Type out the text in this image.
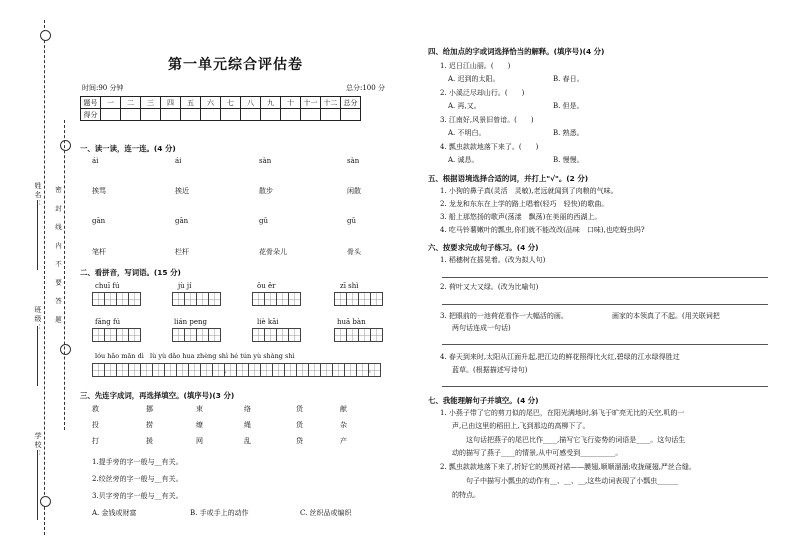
姓名：
班级：
学校：
密 封 线 内 不 要 答 题
第一单元综合评估卷
时间:90 分钟	总分:100 分
题号	一	二	三	四	五	六	七	八	九	十	十一	十二	总分
得分													
一、读一读，连一连。(4 分)
ái	ái	sàn	sàn
挨骂	挨近	散步	闲散
gān	gān	gǔ	gǔ
笔杆	栏杆	花骨朵儿	骨头
二、看拼音，写词语。(15 分)
chuī fú	jù jí	ǒu ěr	zī shì
fāng fú	lián peng	liè kāi	huā bàn
lóu hǎo mān dì lù yù dǎo hua zhèng shì hé tún yù shàng shì
，	。
三、先连字成词，再选择填空。(填序号)(3 分)
救	挪	束	络	货	献
投	捞	缭	绳	货	杂
打	援	网	乱	贷	产
1.提手旁的字一般与__有关。
2.绞丝旁的字一般与__有关。
3.贝字旁的字一般与__有关。
A. 金钱或财富	B. 手或手上的动作	C. 丝织品或编织
四、给加点的字或词选择恰当的解释。(填序号)(4 分)
1. 迟日江山丽。(　　)
A. 迟到的太阳。	B. 春日。
2. 小溪泛尽却山行。(　　)
A. 再,又。	B. 但是。
3. 江南好,风景旧曾谙。(　　)
A. 不明白。	B. 熟悉。
4. 瓢虫款款地落下来了。(　　)
A. 诚恳。	B. 慢慢。
五、根据语境选择合适的词，并打上"√"。(2 分)
1. 小狗的鼻子真(灵活　灵敏),老远就闻到了肉粮的气味。
2. 龙龙和东东在上学的路上唱着(轻巧　轻快)的歌曲。
3. 船上那悠扬的歌声(荡漾　飘荡)在美丽的西湖上。
4. 吃马铃薯嫩叶的瓢虫,你们就不能改改(品味　口味),也吃蚜虫吗?
六、按要求完成句子练习。(4 分)
1. 稻穗树在摇晃着。(改为拟人句)
2. 荷叶又大又绿。(改为比喻句)
3. 把眼前的一池荷花看作一大幅活的画。	画家的本领真了不起。(用关联词把
两句话连成一句话)
4. 春天到来时,太阳从江面升起,把江边的鲜花照得比火红,碧绿的江水绿得胜过
蓝草。(根据描述写诗句)
七、我能理解句子并填空。(4 分)
1. 小燕子带了它的剪刀似的尾巴，在阳光满地时,斜飞于旷亮无比的天空,叽的一
声,已由这里的稻田上,飞到那边的高柳下了。
这句话把燕子的尾巴比作____,描写它飞行姿势的词语是____。这句话生
动的描写了燕子____的情景,从中可感受到__________。
2. 瓢虫款款地落下来了,折好它的黑斑衬裙——膜翅,顺顺溜溜;收拢硬翅,严丝合缝。
句子中描写小瓢虫的动作有__、__、__,这些动词表现了小瓢虫______
的特点。
